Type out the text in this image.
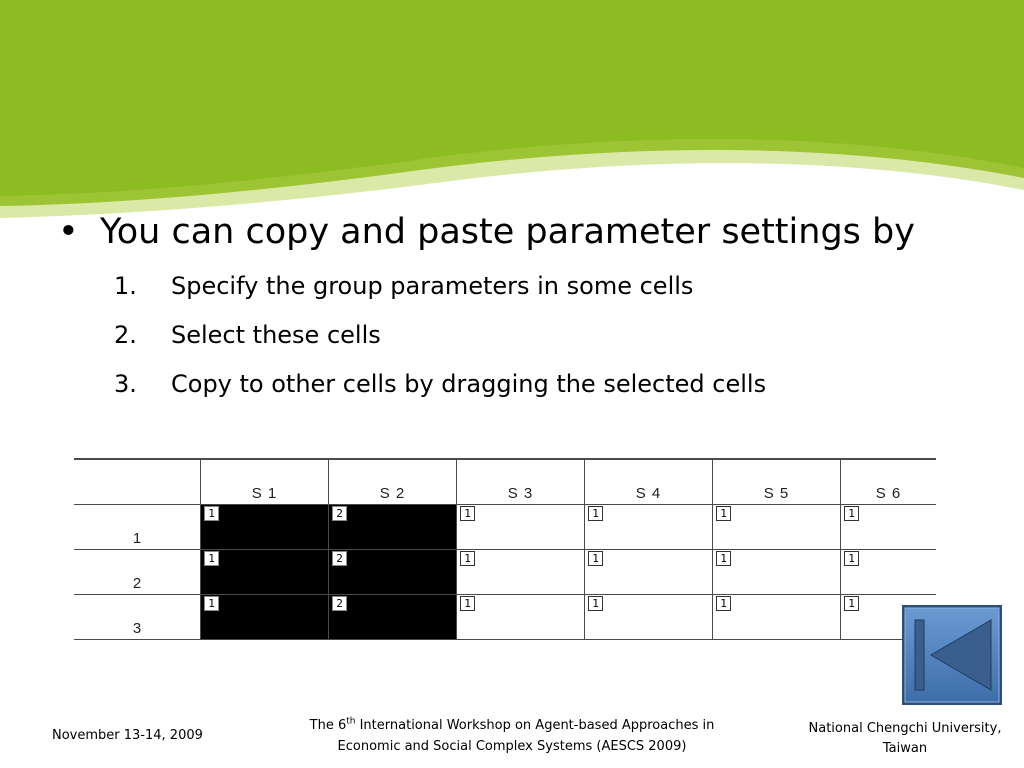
• You can copy and paste parameter settings by
1. Specify the group parameters in some cells
2. Select these cells
3. Copy to other cells by dragging the selected cells
	S 1	S 2	S 3	S 4	S 5	S 6
1	1	2	1	1	1	1

2	1	2	1	1	1	1

3	1	2	1	1	1	1
November 13-14, 2009
The 6th International Workshop on Agent-based Approaches in
Economic and Social Complex Systems (AESCS 2009)
National Chengchi University,
Taiwan
